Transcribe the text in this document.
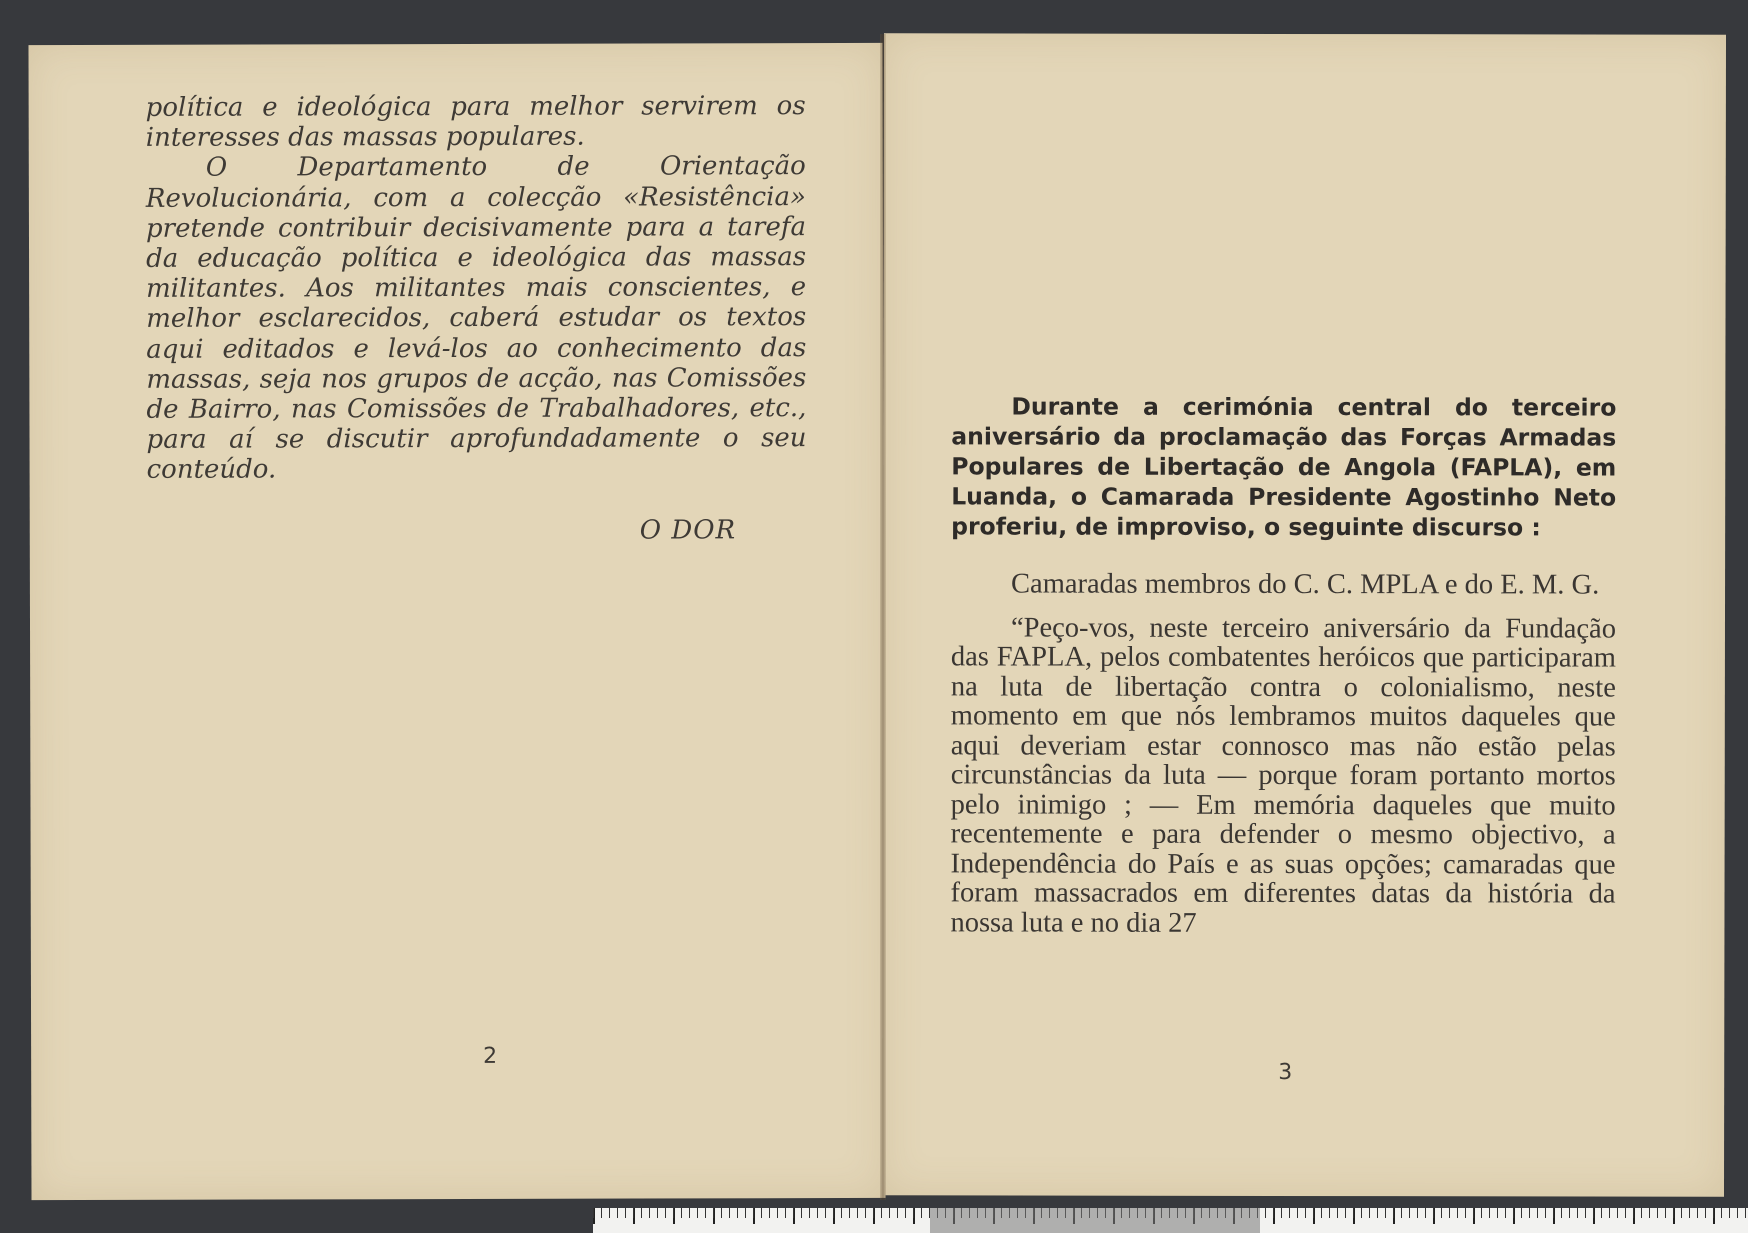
política e ideológica para melhor servirem os interesses das massas populares.

O Departamento de Orientação Revolucionária, com a colecção «Resistência» pretende contribuir decisivamente para a tarefa da educação política e ideológica das massas militantes. Aos militantes mais conscientes, e melhor esclarecidos, caberá estudar os textos aqui editados e levá-los ao conhecimento das massas, seja nos grupos de acção, nas Comissões de Bairro, nas Comissões de Trabalhadores, etc., para aí se discutir aprofundadamente o seu conteúdo.

O DOR
2
Durante a cerimónia central do terceiro aniversário da proclamação das Forças Armadas Populares de Libertação de Angola (FAPLA), em Luanda, o Camarada Presidente Agostinho Neto proferiu, de improviso, o seguinte discurso :

Camaradas membros do C. C. MPLA e do E. M. G.

“Peço-vos, neste terceiro aniversário da Fundação das FAPLA, pelos combatentes heróicos que participaram na luta de libertação contra o colonialismo, neste momento em que nós lembramos muitos daqueles que aqui deveriam estar connosco mas não estão pelas circunstâncias da luta — porque foram portanto mortos pelo inimigo ; — Em memória daqueles que muito recentemente e para defender o mesmo objectivo, a Independência do País e as suas opções; camaradas que foram massacrados em diferentes datas da história da nossa luta e no dia 27

3
